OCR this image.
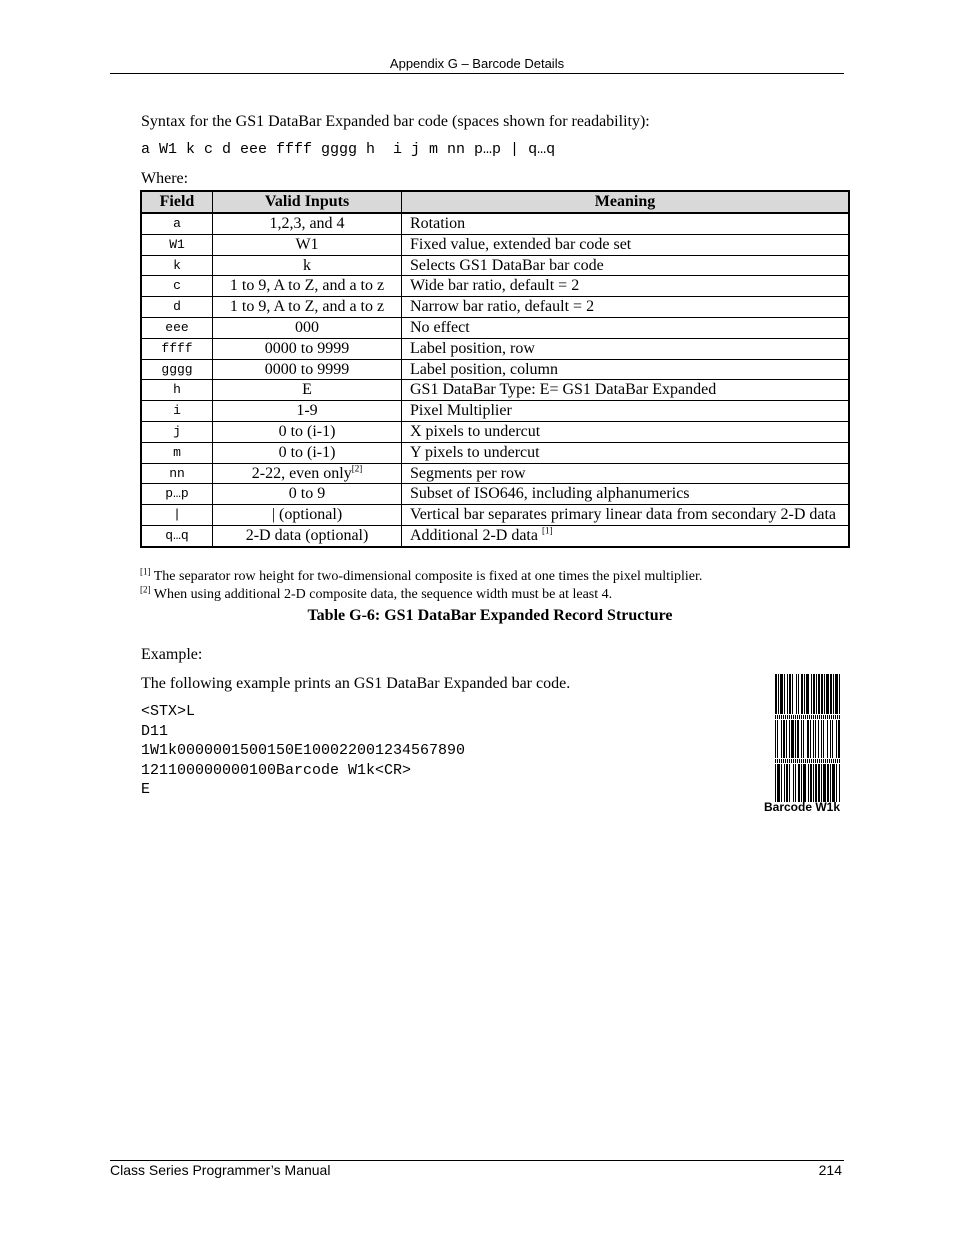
Appendix G – Barcode Details
Syntax for the GS1 DataBar Expanded bar code (spaces shown for readability):
a W1 k c d eee ffff gggg h  i j m nn p…p | q…q
Where:
Field	Valid Inputs	Meaning
a	1,2,3, and 4	Rotation
W1	W1	Fixed value, extended bar code set
k	k	Selects GS1 DataBar bar code
c	1 to 9, A to Z, and a to z	Wide bar ratio, default = 2
d	1 to 9, A to Z, and a to z	Narrow bar ratio, default = 2
eee	000	No effect
ffff	0000 to 9999	Label position, row
gggg	0000 to 9999	Label position, column
h	E	GS1 DataBar Type: E= GS1 DataBar Expanded
i	1-9	Pixel Multiplier
j	0 to (i-1)	X pixels to undercut
m	0 to (i-1)	Y pixels to undercut
nn	2-22, even only[2]	Segments per row
p…p	0 to 9	Subset of ISO646, including alphanumerics
|	| (optional)	Vertical bar separates primary linear data from secondary 2-D data
q…q	2-D data (optional)	Additional 2-D data [1]
[1] The separator row height for two-dimensional composite is fixed at one times the pixel multiplier.
[2] When using additional 2-D composite data, the sequence width must be at least 4.
Table G-6: GS1 DataBar Expanded Record Structure
Example:
The following example prints an GS1 DataBar Expanded bar code.
<STX>L
D11
1W1k0000001500150E100022001234567890
121100000000100Barcode W1k<CR>
E
Barcode W1k
Class Series Programmer’s Manual	214
